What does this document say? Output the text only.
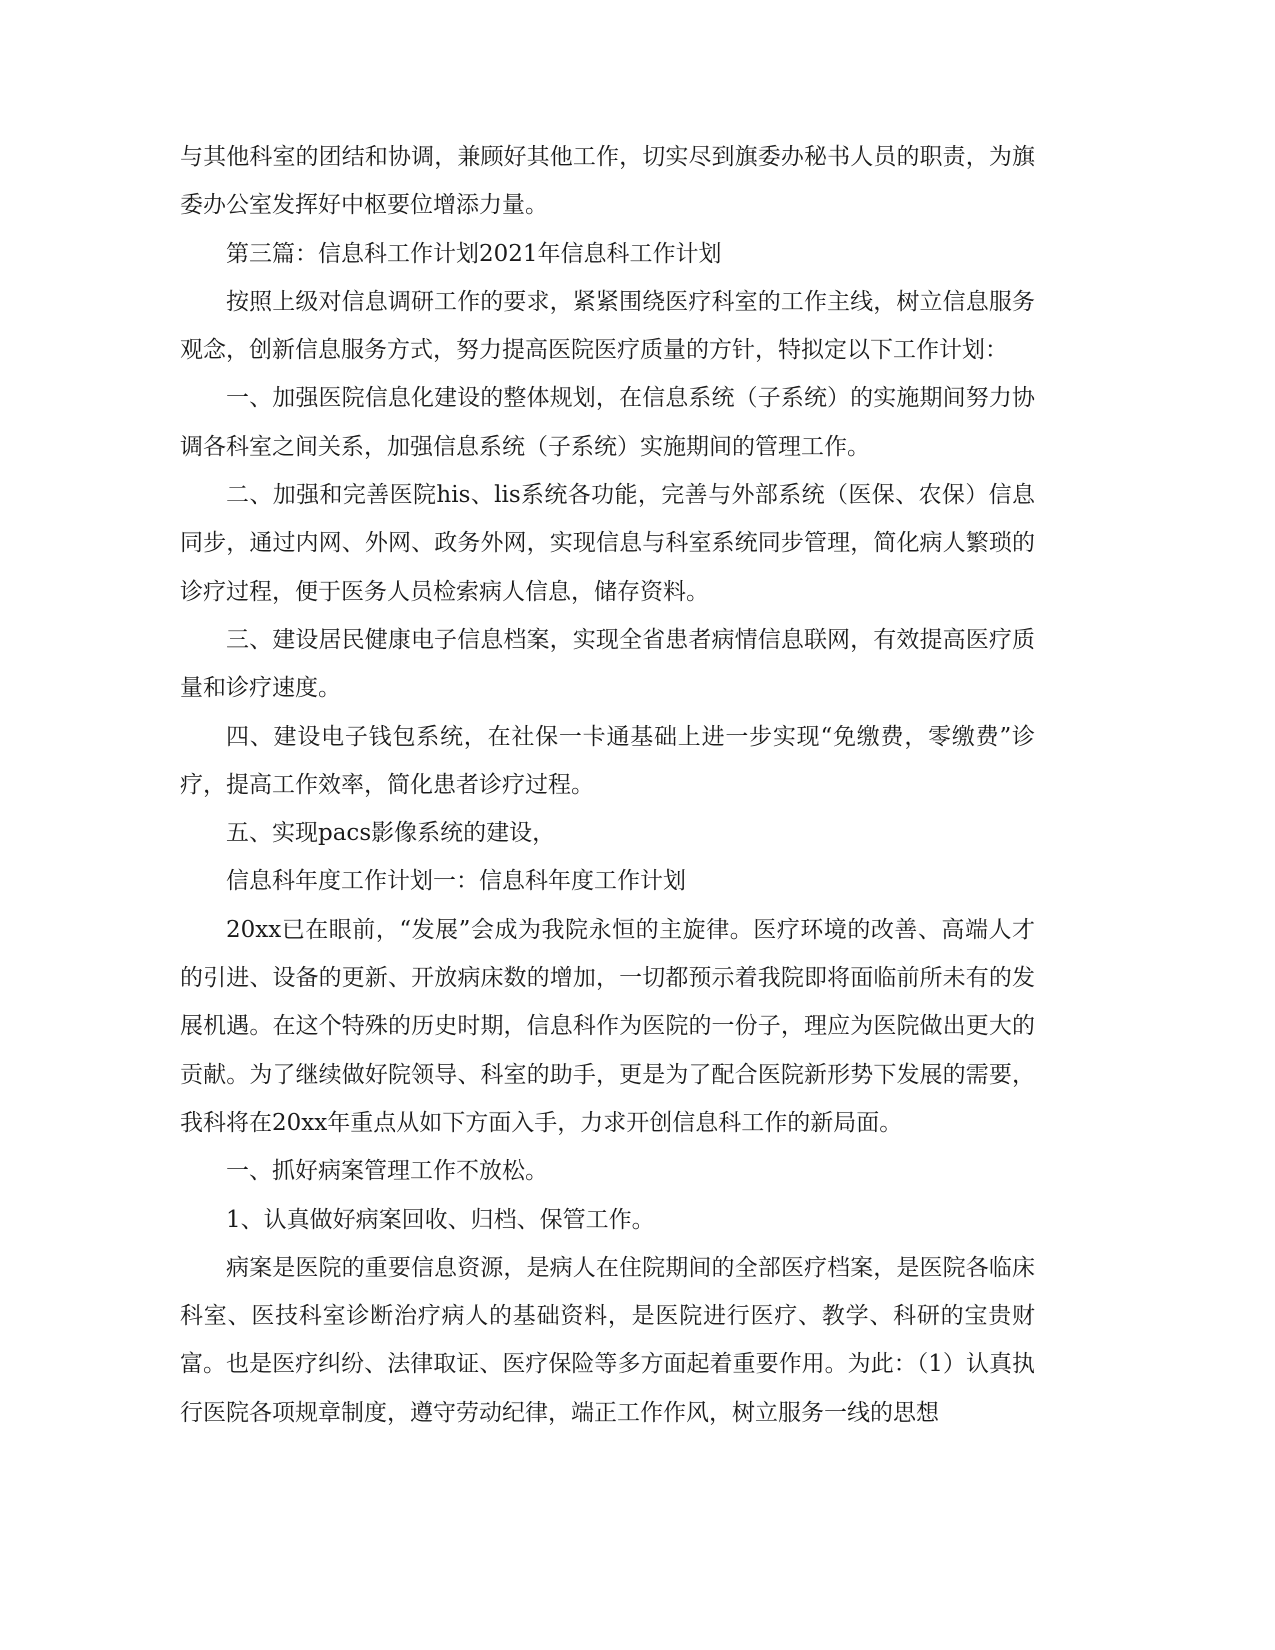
与其他科室的团结和协调，兼顾好其他工作，切实尽到旗委办秘书人员的职责，为旗委办公室发挥好中枢要位增添力量。

第三篇：信息科工作计划2021年信息科工作计划

按照上级对信息调研工作的要求，紧紧围绕医疗科室的工作主线，树立信息服务观念，创新信息服务方式，努力提高医院医疗质量的方针，特拟定以下工作计划：

一、加强医院信息化建设的整体规划，在信息系统（子系统）的实施期间努力协调各科室之间关系，加强信息系统（子系统）实施期间的管理工作。

二、加强和完善医院his、lis系统各功能，完善与外部系统（医保、农保）信息同步，通过内网、外网、政务外网，实现信息与科室系统同步管理，简化病人繁琐的诊疗过程，便于医务人员检索病人信息，储存资料。

三、建设居民健康电子信息档案，实现全省患者病情信息联网，有效提高医疗质量和诊疗速度。

四、建设电子钱包系统，在社保一卡通基础上进一步实现“免缴费，零缴费”诊疗，提高工作效率，简化患者诊疗过程。

五、实现pacs影像系统的建设，

信息科年度工作计划一：信息科年度工作计划

20xx已在眼前，“发展”会成为我院永恒的主旋律。医疗环境的改善、高端人才的引进、设备的更新、开放病床数的增加，一切都预示着我院即将面临前所未有的发展机遇。在这个特殊的历史时期，信息科作为医院的一份子，理应为医院做出更大的贡献。为了继续做好院领导、科室的助手，更是为了配合医院新形势下发展的需要，我科将在20xx年重点从如下方面入手，力求开创信息科工作的新局面。

一、抓好病案管理工作不放松。

1、认真做好病案回收、归档、保管工作。

病案是医院的重要信息资源，是病人在住院期间的全部医疗档案，是医院各临床科室、医技科室诊断治疗病人的基础资料，是医院进行医疗、教学、科研的宝贵财富。也是医疗纠纷、法律取证、医疗保险等多方面起着重要作用。为此：（1）认真执行医院各项规章制度，遵守劳动纪律，端正工作作风，树立服务一线的思想
